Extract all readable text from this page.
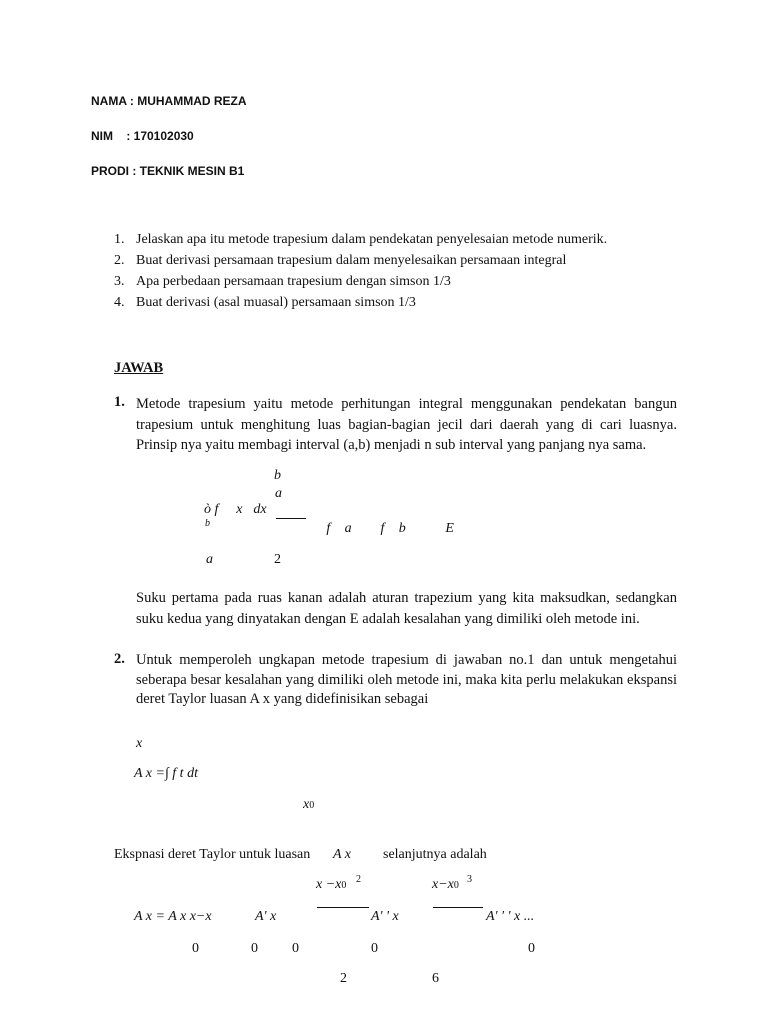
NAMA : MUHAMMAD REZA
NIM    : 170102030
PRODI : TEKNIK MESIN B1
1. Jelaskan apa itu metode trapesium dalam pendekatan penyelesaian metode numerik.
2. Buat derivasi persamaan trapesium dalam menyelesaikan persamaan integral
3. Apa perbedaan persamaan trapesium dengan simson 1/3
4. Buat derivasi (asal muasal) persamaan simson 1/3
JAWAB
1. Metode trapesium yaitu metode perhitungan integral menggunakan pendekatan bangun trapesium untuk menghitung luas bagian-bagian jecil dari daerah yang di cari luasnya. Prinsip nya yaitu membagi interval (a,b) menjadi n sub interval yang panjang nya sama.
b  
a
ò f   x dx
b  	  f  a    f  b     E
a	2
Suku pertama pada ruas kanan adalah aturan trapezium yang kita maksudkan, sedangkan suku kedua yang dinyatakan dengan E adalah kesalahan yang dimiliki oleh metode ini.
2. Untuk memperoleh ungkapan metode trapesium di jawaban no.1 dan untuk mengetahui seberapa besar kesalahan yang dimiliki oleh metode ini, maka kita perlu melakukan ekspansi deret Taylor luasan A x yang didefinisikan sebagai
x
A x =∫ f t dt
x0
Ekspnasi deret Taylor untuk luasan A x selanjutnya adalah
x −x0
2	x−x0
3
A x = A x x−x	A' x	A' ' x	A' ' ' x ...
0	0 0	0	0
2	6
